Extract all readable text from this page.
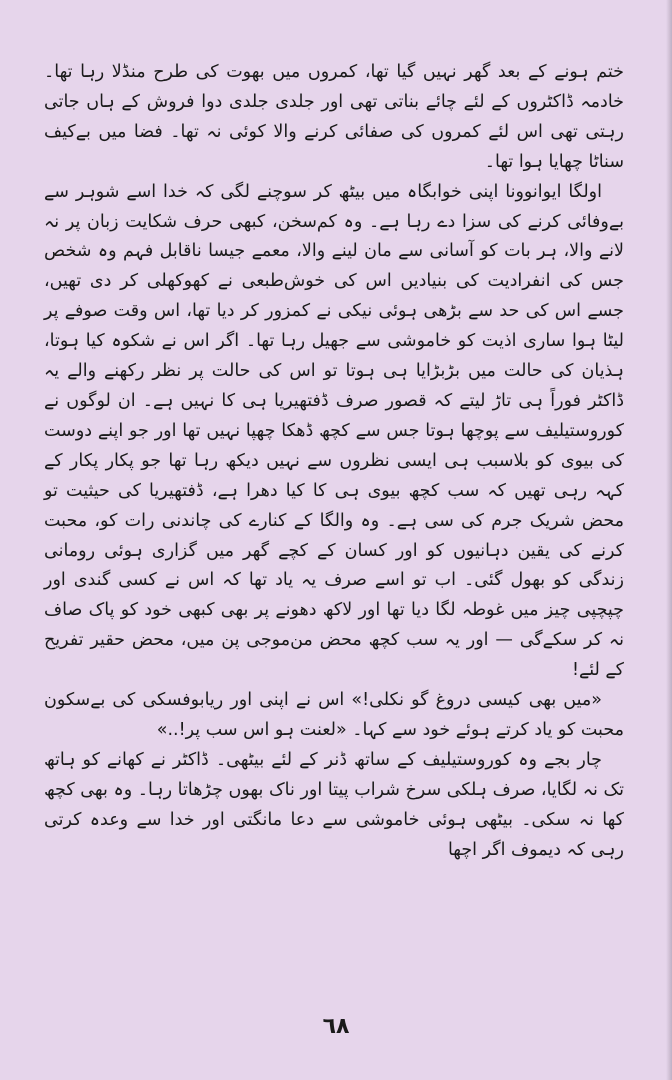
ختم ہونے کے بعد گھر نہیں گیا تھا، کمروں میں بھوت کی طرح منڈلا رہا تھا۔ خادمہ ڈاکٹروں کے لئے چائے بناتی تھی اور جلدی جلدی دوا فروش کے ہاں جاتی رہتی تھی اس لئے کمروں کی صفائی کرنے والا کوئی نہ تھا۔ فضا میں بےکیف سناٹا چھایا ہوا تھا۔

اولگا ایوانوونا اپنی خوابگاہ میں بیٹھ کر سوچنے لگی کہ خدا اسے شوہر سے بےوفائی کرنے کی سزا دے رہا ہے۔ وہ کم‌سخن، کبھی حرف شکایت زبان پر نہ لانے والا، ہر بات کو آسانی سے مان لینے والا، معمے جیسا ناقابل فہم وہ شخص جس کی انفرادیت کی بنیادیں اس کی خوش‌طبعی نے کھوکھلی کر دی تھیں، جسے اس کی حد سے بڑھی ہوئی نیکی نے کمزور کر دیا تھا، اس وقت صوفے پر لیٹا ہوا ساری اذیت کو خاموشی سے جھیل رہا تھا۔ اگر اس نے شکوہ کیا ہوتا، ہذیان کی حالت میں بڑبڑایا ہی ہوتا تو اس کی حالت پر نظر رکھنے والے یہ ڈاکٹر فوراً ہی تاڑ لیتے کہ قصور صرف ڈفتھیریا ہی کا نہیں ہے۔ ان لوگوں نے کوروستیلیف سے پوچھا ہوتا جس سے کچھ ڈھکا چھپا نہیں تھا اور جو اپنے دوست کی بیوی کو بلاسبب ہی ایسی نظروں سے نہیں دیکھ رہا تھا جو پکار پکار کے کہہ رہی تھیں کہ سب کچھ بیوی ہی کا کیا دھرا ہے، ڈفتھیریا کی حیثیت تو محض شریک جرم کی سی ہے۔ وہ والگا کے کنارے کی چاندنی رات کو، محبت کرنے کی یقین دہانیوں کو اور کسان کے کچے گھر میں گزاری ہوئی رومانی زندگی کو بھول گئی۔ اب تو اسے صرف یہ یاد تھا کہ اس نے کسی گندی اور چپچپی چیز میں غوطہ لگا دیا تھا اور لاکھ دھونے پر بھی کبھی خود کو پاک صاف نہ کر سکےگی — اور یہ سب کچھ محض من‌موجی پن میں، محض حقیر تفریح کے لئے!

«میں بھی کیسی دروغ گو نکلی!» اس نے اپنی اور ریابوفسکی کی بےسکون محبت کو یاد کرتے ہوئے خود سے کہا۔ «لعنت ہو اس سب پر!..»

چار بجے وہ کوروستیلیف کے ساتھ ڈنر کے لئے بیٹھی۔ ڈاکٹر نے کھانے کو ہاتھ تک نہ لگایا، صرف ہلکی سرخ شراب پیتا اور ناک بھوں چڑھاتا رہا۔ وہ بھی کچھ کھا نہ سکی۔ بیٹھی ہوئی خاموشی سے دعا مانگتی اور خدا سے وعدہ کرتی رہی کہ دیموف اگر اچھا

٦٨
